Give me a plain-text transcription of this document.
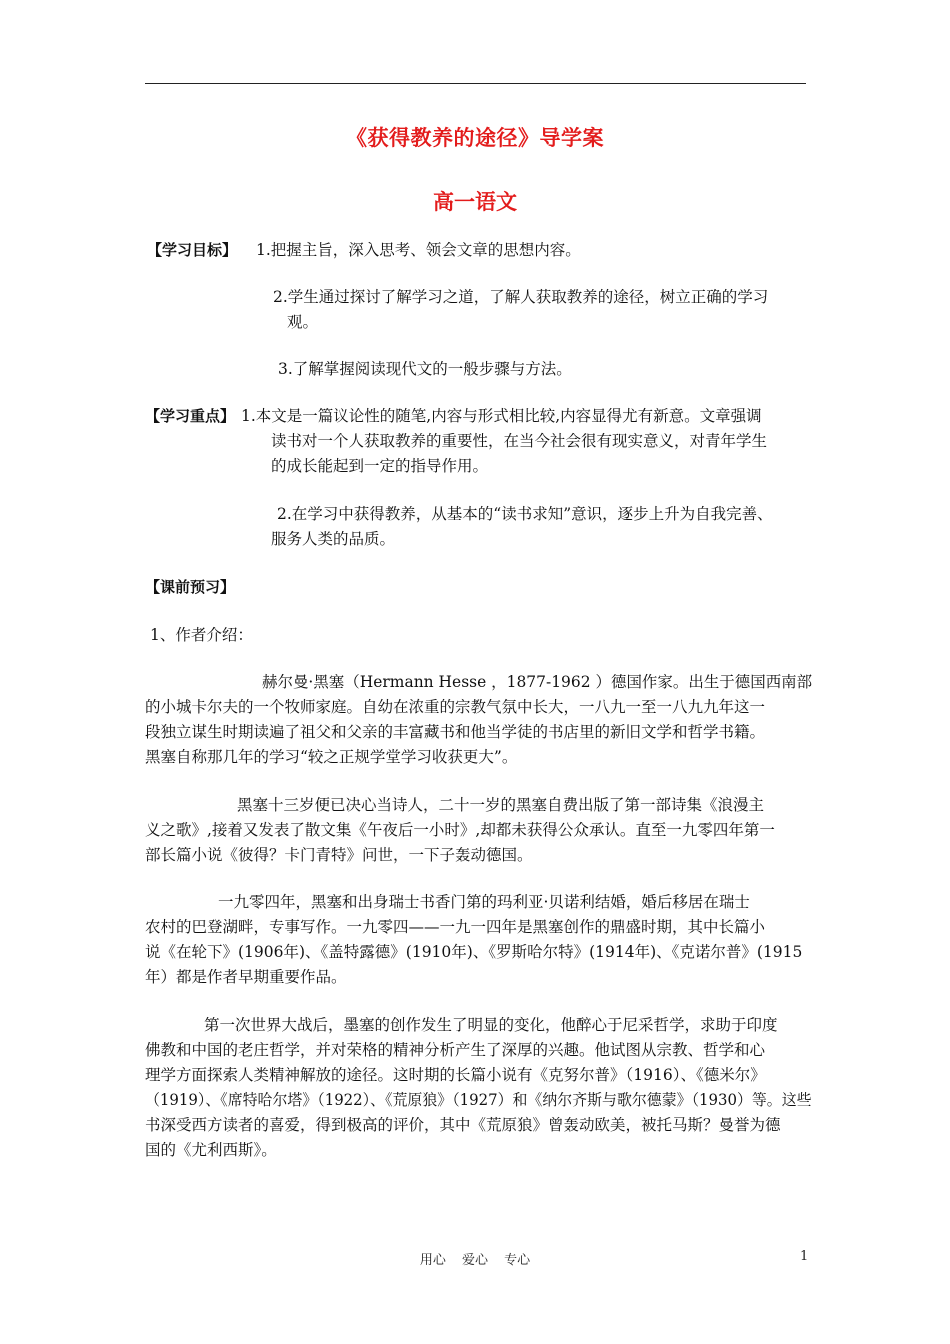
《获得教养的途径》导学案
高一语文
【学习目标】 1.把握主旨，深入思考、领会文章的思想内容。
2.学生通过探讨了解学习之道，了解人获取教养的途径，树立正确的学习
观。
3.了解掌握阅读现代文的一般步骤与方法。
【学习重点】 1.本文是一篇议论性的随笔,内容与形式相比较,内容显得尤有新意。文章强调
读书对一个人获取教养的重要性，在当今社会很有现实意义，对青年学生
的成长能起到一定的指导作用。
2.在学习中获得教养，从基本的“读书求知”意识，逐步上升为自我完善、
服务人类的品质。
【课前预习】
1、作者介绍：
赫尔曼·黑塞（Hermann Hesse ，1877-1962 ）德国作家。出生于德国西南部
的小城卡尔夫的一个牧师家庭。自幼在浓重的宗教气氛中长大，一八九一至一八九九年这一
段独立谋生时期读遍了祖父和父亲的丰富藏书和他当学徒的书店里的新旧文学和哲学书籍。
黑塞自称那几年的学习“较之正规学堂学习收获更大”。
黑塞十三岁便已决心当诗人，二十一岁的黑塞自费出版了第一部诗集《浪漫主
义之歌》,接着又发表了散文集《午夜后一小时》,却都未获得公众承认。直至一九零四年第一
部长篇小说《彼得？卡门青特》问世，一下子轰动德国。
一九零四年，黑塞和出身瑞士书香门第的玛利亚·贝诺利结婚，婚后移居在瑞士
农村的巴登湖畔，专事写作。一九零四——一九一四年是黑塞创作的鼎盛时期，其中长篇小
说《在轮下》(1906年)、《盖特露德》(1910年)、《罗斯哈尔特》(1914年)、《克诺尔普》(1915
年）都是作者早期重要作品。
第一次世界大战后，墨塞的创作发生了明显的变化，他醉心于尼采哲学，求助于印度
佛教和中国的老庄哲学，并对荣格的精神分析产生了深厚的兴趣。他试图从宗教、哲学和心
理学方面探索人类精神解放的途径。这时期的长篇小说有《克努尔普》（1916）、《德米尔》
（1919）、《席特哈尔塔》（1922）、《荒原狼》（1927）和《纳尔齐斯与歌尔德蒙》（1930）等。这些
书深受西方读者的喜爱，得到极高的评价，其中《荒原狼》曾轰动欧美，被托马斯？曼誉为德
国的《尤利西斯》。
用心 爱心 专心	1
